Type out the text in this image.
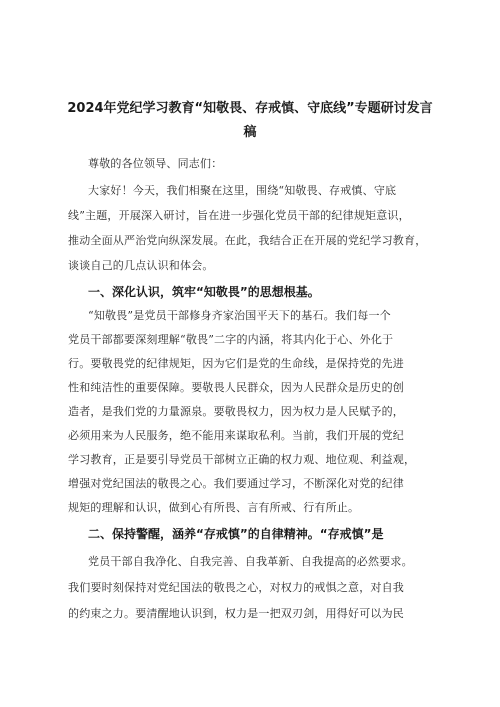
2024年党纪学习教育“知敬畏、存戒慎、守底线”专题研讨发言
稿
尊敬的各位领导、同志们：
大家好！今天，我们相聚在这里，围绕“知敬畏、存戒慎、守底
线”主题，开展深入研讨，旨在进一步强化党员干部的纪律规矩意识，
推动全面从严治党向纵深发展。在此，我结合正在开展的党纪学习教育，
谈谈自己的几点认识和体会。
一、深化认识，筑牢“知敬畏”的思想根基。
“知敬畏”是党员干部修身齐家治国平天下的基石。我们每一个
党员干部都要深刻理解“敬畏”二字的内涵，将其内化于心、外化于
行。要敬畏党的纪律规矩，因为它们是党的生命线，是保持党的先进
性和纯洁性的重要保障。要敬畏人民群众，因为人民群众是历史的创
造者，是我们党的力量源泉。要敬畏权力，因为权力是人民赋予的，
必须用来为人民服务，绝不能用来谋取私利。当前，我们开展的党纪
学习教育，正是要引导党员干部树立正确的权力观、地位观、利益观，
增强对党纪国法的敬畏之心。我们要通过学习，不断深化对党的纪律
规矩的理解和认识，做到心有所畏、言有所戒、行有所止。
二、保持警醒，涵养“存戒慎”的自律精神。“存戒慎”是
党员干部自我净化、自我完善、自我革新、自我提高的必然要求。
我们要时刻保持对党纪国法的敬畏之心，对权力的戒惧之意，对自我
的约束之力。要清醒地认识到，权力是一把双刃剑，用得好可以为民
